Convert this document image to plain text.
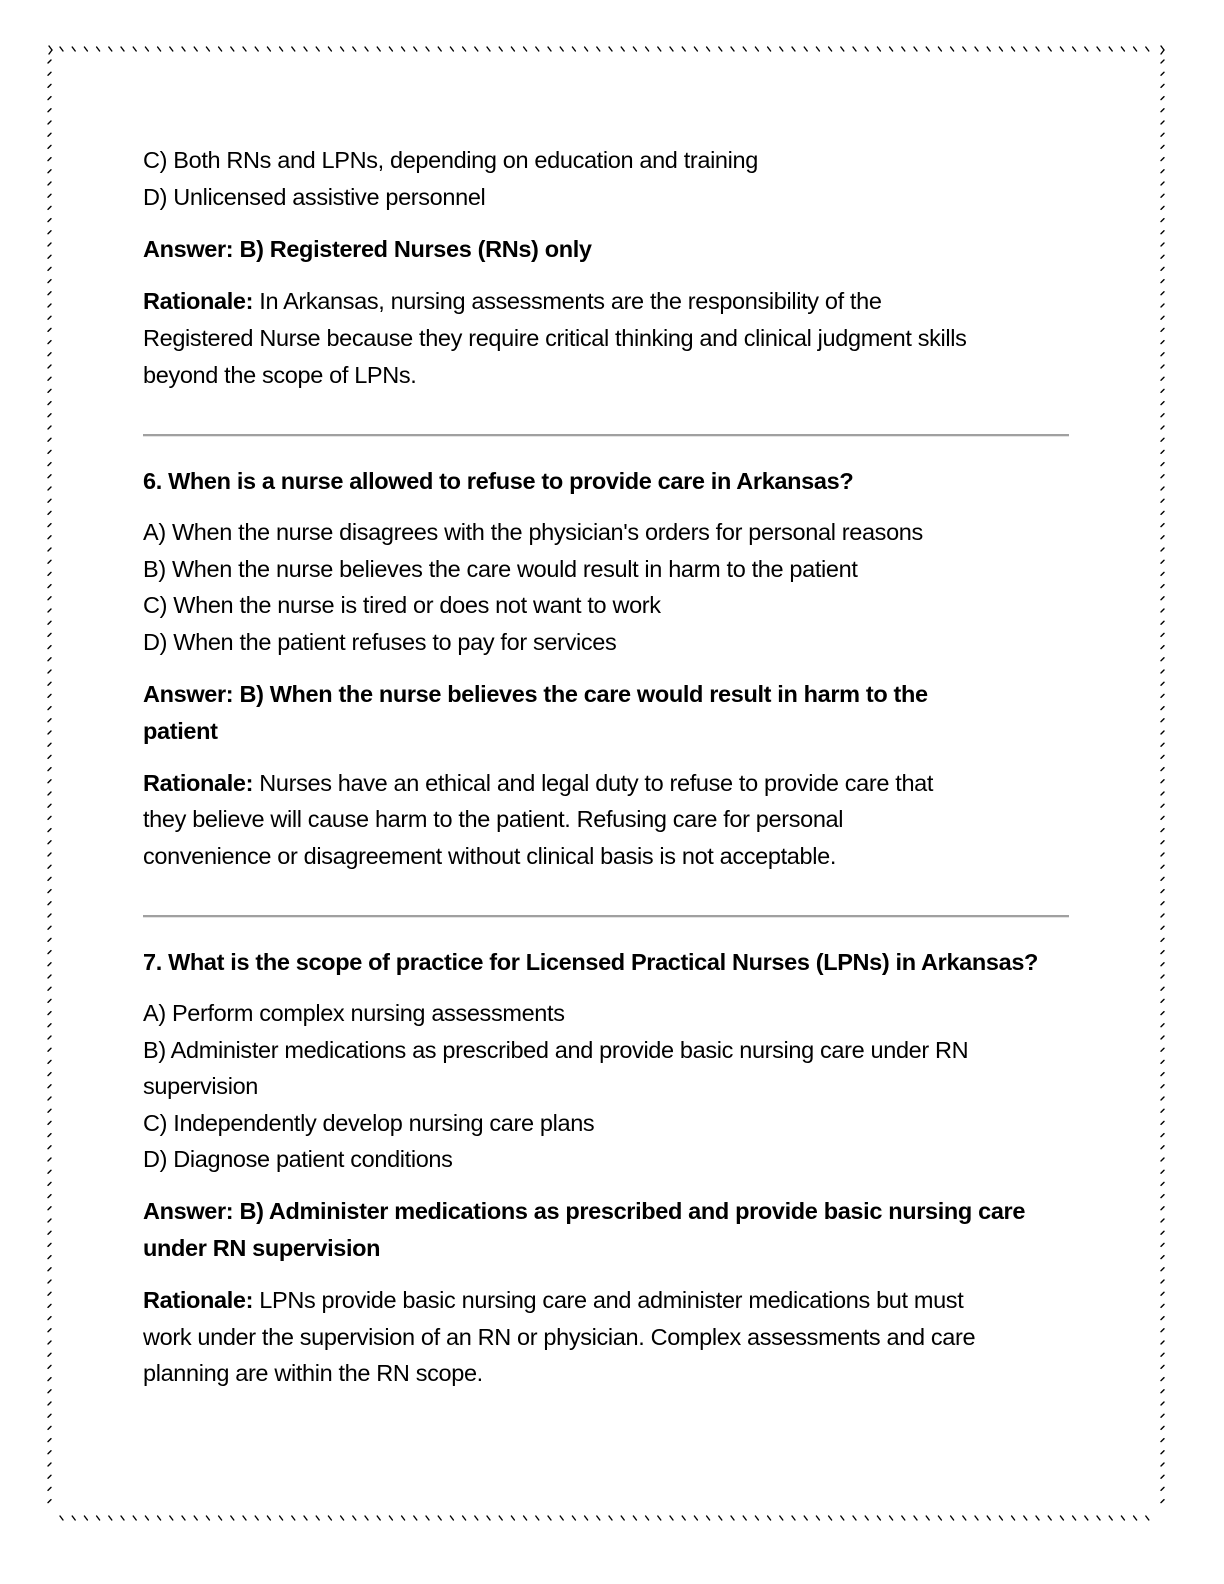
C) Both RNs and LPNs, depending on education and training
D) Unlicensed assistive personnel
Answer: B) Registered Nurses (RNs) only
Rationale: In Arkansas, nursing assessments are the responsibility of the
Registered Nurse because they require critical thinking and clinical judgment skills
beyond the scope of LPNs.
6. When is a nurse allowed to refuse to provide care in Arkansas?
A) When the nurse disagrees with the physician's orders for personal reasons
B) When the nurse believes the care would result in harm to the patient
C) When the nurse is tired or does not want to work
D) When the patient refuses to pay for services
Answer: B) When the nurse believes the care would result in harm to the
patient
Rationale: Nurses have an ethical and legal duty to refuse to provide care that
they believe will cause harm to the patient. Refusing care for personal
convenience or disagreement without clinical basis is not acceptable.
7. What is the scope of practice for Licensed Practical Nurses (LPNs) in Arkansas?
A) Perform complex nursing assessments
B) Administer medications as prescribed and provide basic nursing care under RN
supervision
C) Independently develop nursing care plans
D) Diagnose patient conditions
Answer: B) Administer medications as prescribed and provide basic nursing care
under RN supervision
Rationale: LPNs provide basic nursing care and administer medications but must
work under the supervision of an RN or physician. Complex assessments and care
planning are within the RN scope.
